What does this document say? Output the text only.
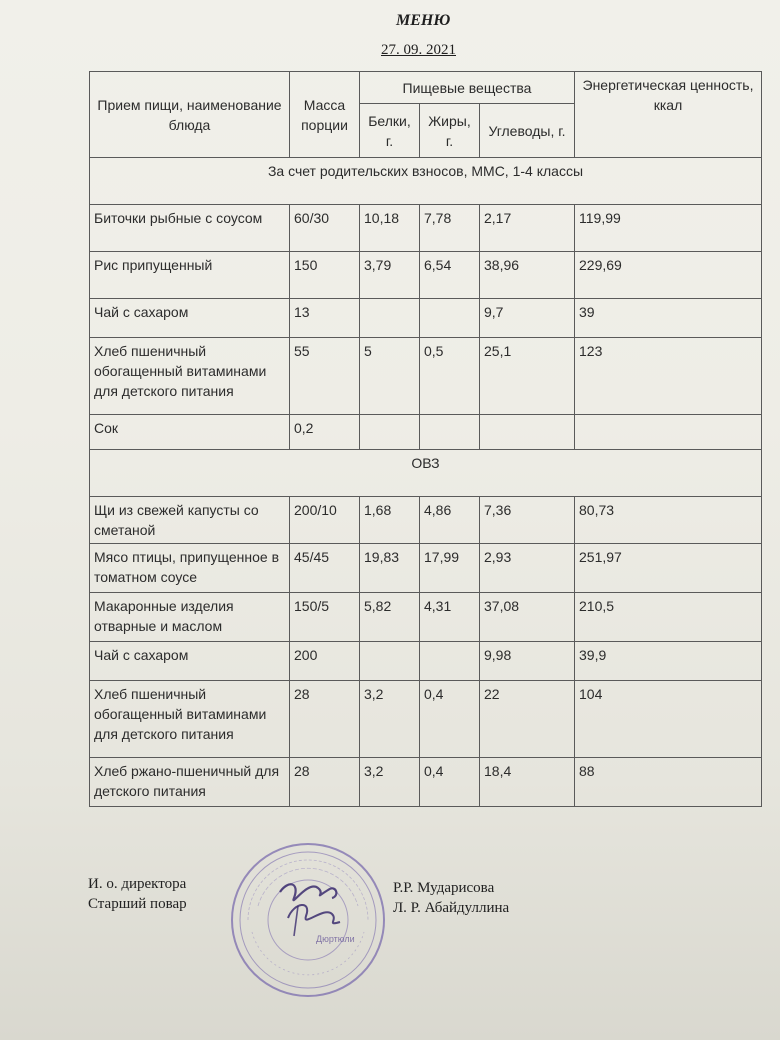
МЕНЮ
27. 09. 2021
Прием пищи, наименование блюда	Масса порции	Пищевые вещества			Энергетическая ценность, ккал
		Белки, г.	Жиры, г.	Углеводы, г.	
За счет родительских взносов, ММС, 1-4 классы					
Биточки рыбные с соусом	60/30	10,18	7,78	2,17	119,99
Рис припущенный	150	3,79	6,54	38,96	229,69
Чай с сахаром	13			9,7	39
Хлеб пшеничный обогащенный витаминами для детского питания	55	5	0,5	25,1	123
Сок	0,2				
ОВЗ					
Щи из свежей капусты со сметаной	200/10	1,68	4,86	7,36	80,73
Мясо птицы, припущенное в томатном соусе	45/45	19,83	17,99	2,93	251,97
Макаронные изделия отварные и маслом	150/5	5,82	4,31	37,08	210,5
Чай с сахаром	200			9,98	39,9
Хлеб пшеничный обогащенный витаминами для детского питания	28	3,2	0,4	22	104
Хлеб ржано-пшеничный для детского питания	28	3,2	0,4	18,4	88
И. о. директора
Старший повар
Р.Р. Мударисова
Л. Р. Абайдуллина
Дюртюли
